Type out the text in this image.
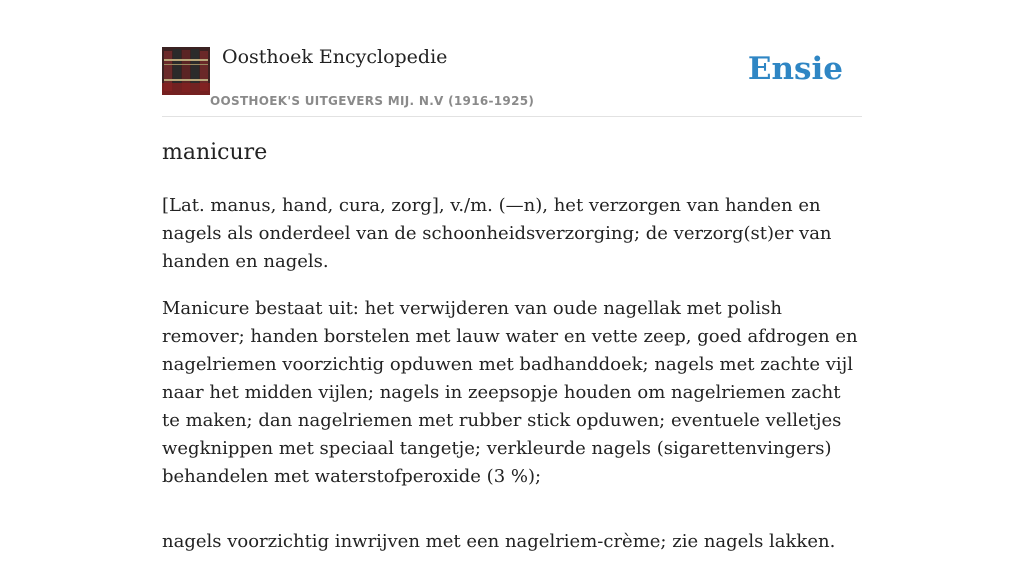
Oosthoek Encyclopedie
OOSTHOEK'S UITGEVERS MIJ. N.V (1916-1925)
Ensie
manicure

[Lat. manus, hand, cura, zorg], v./m. (—n), het verzorgen van handen en nagels als onderdeel van de schoonheidsverzorging; de verzorg(st)er van handen en nagels.

Manicure bestaat uit: het verwijderen van oude nagellak met polish remover; handen borstelen met lauw water en vette zeep, goed afdrogen en nagelriemen voorzichtig opduwen met badhanddoek; nagels met zachte vijl naar het midden vijlen; nagels in zeepsopje houden om nagelriemen zacht te maken; dan nagelriemen met rubber stick opduwen; eventuele velletjes wegknippen met speciaal tangetje; verkleurde nagels (sigarettenvingers) behandelen met waterstofperoxide (3 %);

nagels voorzichtig inwrijven met een nagelriem-crème; zie nagels lakken.
